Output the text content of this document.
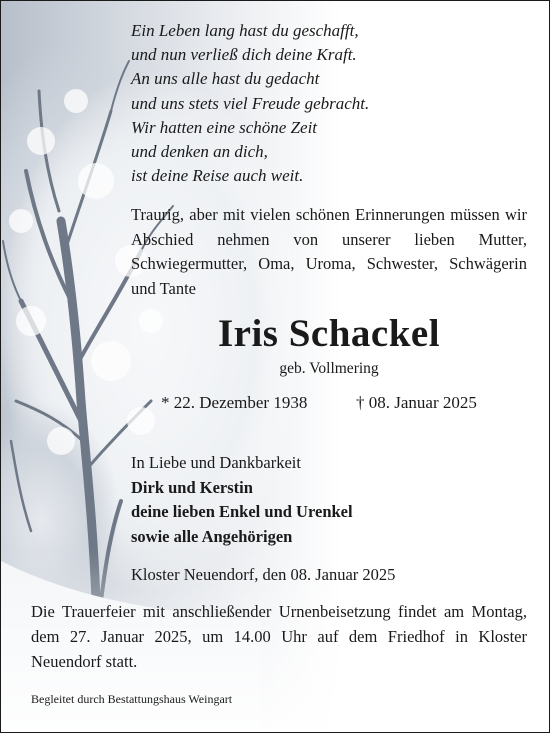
Ein Leben lang hast du geschafft,
und nun verließ dich deine Kraft.
An uns alle hast du gedacht
und uns stets viel Freude gebracht.
Wir hatten eine schöne Zeit
und denken an dich,
ist deine Reise auch weit.

Traurig, aber mit vielen schönen Erinnerungen müssen wir Abschied nehmen von unserer lieben Mutter, Schwiegermutter, Oma, Uroma, Schwester, Schwägerin und Tante

Iris Schackel
geb. Vollmering
* 22. Dezember 1938	† 08. Januar 2025
In Liebe und Dankbarkeit
Dirk und Kerstin
deine lieben Enkel und Urenkel
sowie alle Angehörigen
Kloster Neuendorf, den 08. Januar 2025

Die Trauerfeier mit anschließender Urnenbeisetzung findet am Montag, dem 27. Januar 2025, um 14.00 Uhr auf dem Friedhof in Kloster Neuendorf statt.

Begleitet durch Bestattungshaus Weingart
